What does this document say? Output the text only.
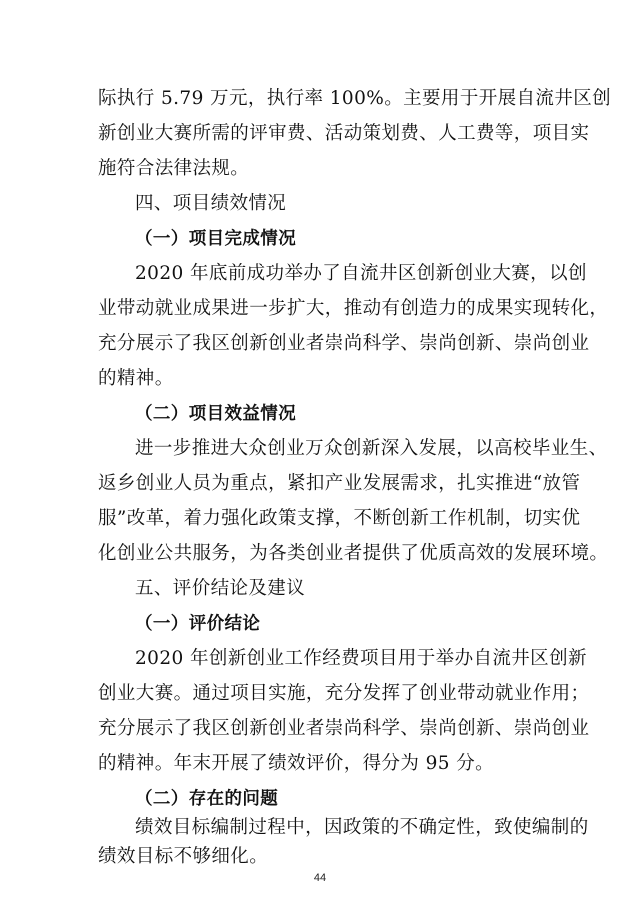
际执行 5.79 万元，执行率 100%。主要用于开展自流井区创
新创业大赛所需的评审费、活动策划费、人工费等，项目实
施符合法律法规。
四、项目绩效情况
（一）项目完成情况
2020 年底前成功举办了自流井区创新创业大赛，以创
业带动就业成果进一步扩大，推动有创造力的成果实现转化，
充分展示了我区创新创业者崇尚科学、崇尚创新、崇尚创业
的精神。
（二）项目效益情况
进一步推进大众创业万众创新深入发展，以高校毕业生、
返乡创业人员为重点，紧扣产业发展需求，扎实推进“放管
服”改革，着力强化政策支撑，不断创新工作机制，切实优
化创业公共服务，为各类创业者提供了优质高效的发展环境。
五、评价结论及建议
（一）评价结论
2020 年创新创业工作经费项目用于举办自流井区创新
创业大赛。通过项目实施，充分发挥了创业带动就业作用；
充分展示了我区创新创业者崇尚科学、崇尚创新、崇尚创业
的精神。年末开展了绩效评价，得分为 95 分。
（二）存在的问题
绩效目标编制过程中，因政策的不确定性，致使编制的
绩效目标不够细化。
44
